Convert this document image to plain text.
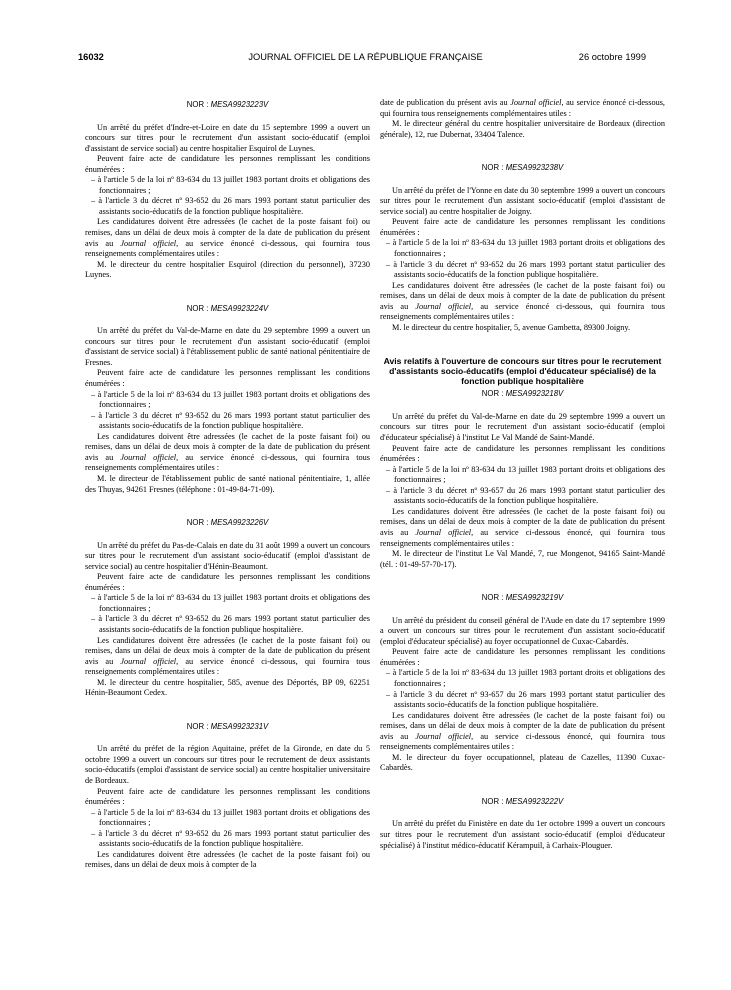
16032	JOURNAL OFFICIEL DE LA RÉPUBLIQUE FRANÇAISE	26 octobre 1999
NOR : MESA9923223V

Un arrêté du préfet d'Indre-et-Loire en date du 15 septembre 1999 a ouvert un concours sur titres pour le recrutement d'un assistant socio-éducatif (emploi d'assistant de service social) au centre hospitalier Esquirol de Luynes.

Peuvent faire acte de candidature les personnes remplissant les conditions énumérées :

– à l'article 5 de la loi nº 83-634 du 13 juillet 1983 portant droits et obligations des fonctionnaires ;

– à l'article 3 du décret nº 93-652 du 26 mars 1993 portant statut particulier des assistants socio-éducatifs de la fonction publique hospitalière.

Les candidatures doivent être adressées (le cachet de la poste faisant foi) ou remises, dans un délai de deux mois à compter de la date de publication du présent avis au Journal officiel, au service énoncé ci-dessous, qui fournira tous renseignements complémentaires utiles :

M. le directeur du centre hospitalier Esquirol (direction du personnel), 37230 Luynes.

NOR : MESA9923224V

Un arrêté du préfet du Val-de-Marne en date du 29 septembre 1999 a ouvert un concours sur titres pour le recrutement d'un assistant socio-éducatif (emploi d'assistant de service social) à l'établissement public de santé national pénitentiaire de Fresnes.

Peuvent faire acte de candidature les personnes remplissant les conditions énumérées :

– à l'article 5 de la loi nº 83-634 du 13 juillet 1983 portant droits et obligations des fonctionnaires ;

– à l'article 3 du décret nº 93-652 du 26 mars 1993 portant statut particulier des assistants socio-éducatifs de la fonction publique hospitalière.

Les candidatures doivent être adressées (le cachet de la poste faisant foi) ou remises, dans un délai de deux mois à compter de la date de publication du présent avis au Journal officiel, au service énoncé ci-dessous, qui fournira tous renseignements complémentaires utiles :

M. le directeur de l'établissement public de santé national pénitentiaire, 1, allée des Thuyas, 94261 Fresnes (téléphone : 01-49-84-71-09).

NOR : MESA9923226V

Un arrêté du préfet du Pas-de-Calais en date du 31 août 1999 a ouvert un concours sur titres pour le recrutement d'un assistant socio-éducatif (emploi d'assistant de service social) au centre hospitalier d'Hénin-Beaumont.

Peuvent faire acte de candidature les personnes remplissant les conditions énumérées :

– à l'article 5 de la loi nº 83-634 du 13 juillet 1983 portant droits et obligations des fonctionnaires ;

– à l'article 3 du décret nº 93-652 du 26 mars 1993 portant statut particulier des assistants socio-éducatifs de la fonction publique hospitalière.

Les candidatures doivent être adressées (le cachet de la poste faisant foi) ou remises, dans un délai de deux mois à compter de la date de publication du présent avis au Journal officiel, au service énoncé ci-dessous, qui fournira tous renseignements complémentaires utiles :

M. le directeur du centre hospitalier, 585, avenue des Déportés, BP 09, 62251 Hénin-Beaumont Cedex.

NOR : MESA9923231V

Un arrêté du préfet de la région Aquitaine, préfet de la Gironde, en date du 5 octobre 1999 a ouvert un concours sur titres pour le recrutement de deux assistants socio-éducatifs (emploi d'assistant de service social) au centre hospitalier universitaire de Bordeaux.

Peuvent faire acte de candidature les personnes remplissant les conditions énumérées :

– à l'article 5 de la loi nº 83-634 du 13 juillet 1983 portant droits et obligations des fonctionnaires ;

– à l'article 3 du décret nº 93-652 du 26 mars 1993 portant statut particulier des assistants socio-éducatifs de la fonction publique hospitalière.

Les candidatures doivent être adressées (le cachet de la poste faisant foi) ou remises, dans un délai de deux mois à compter de la

date de publication du présent avis au Journal officiel, au service énoncé ci-dessous, qui fournira tous renseignements complémentaires utiles :

M. le directeur général du centre hospitalier universitaire de Bordeaux (direction générale), 12, rue Dubernat, 33404 Talence.

NOR : MESA9923238V

Un arrêté du préfet de l'Yonne en date du 30 septembre 1999 a ouvert un concours sur titres pour le recrutement d'un assistant socio-éducatif (emploi d'assistant de service social) au centre hospitalier de Joigny.

Peuvent faire acte de candidature les personnes remplissant les conditions énumérées :

– à l'article 5 de la loi nº 83-634 du 13 juillet 1983 portant droits et obligations des fonctionnaires ;

– à l'article 3 du décret nº 93-652 du 26 mars 1993 portant statut particulier des assistants socio-éducatifs de la fonction publique hospitalière.

Les candidatures doivent être adressées (le cachet de la poste faisant foi) ou remises, dans un délai de deux mois à compter de la date de publication du présent avis au Journal officiel, au service énoncé ci-dessous, qui fournira tous renseignements complémentaires utiles :

M. le directeur du centre hospitalier, 5, avenue Gambetta, 89300 Joigny.

Avis relatifs à l'ouverture de concours sur titres pour le recrutement d'assistants socio-éducatifs (emploi d'éducateur spécialisé) de la fonction publique hospitalière
NOR : MESA9923218V

Un arrêté du préfet du Val-de-Marne en date du 29 septembre 1999 a ouvert un concours sur titres pour le recrutement d'un assistant socio-éducatif (emploi d'éducateur spécialisé) à l'institut Le Val Mandé de Saint-Mandé.

Peuvent faire acte de candidature les personnes remplissant les conditions énumérées :

– à l'article 5 de la loi nº 83-634 du 13 juillet 1983 portant droits et obligations des fonctionnaires ;

– à l'article 3 du décret nº 93-657 du 26 mars 1993 portant statut particulier des assistants socio-éducatifs de la fonction publique hospitalière.

Les candidatures doivent être adressées (le cachet de la poste faisant foi) ou remises, dans un délai de deux mois à compter de la date de publication du présent avis au Journal officiel, au service ci-dessous énoncé, qui fournira tous renseignements complémentaires utiles :

M. le directeur de l'institut Le Val Mandé, 7, rue Mongenot, 94165 Saint-Mandé (tél. : 01-49-57-70-17).

NOR : MESA9923219V

Un arrêté du président du conseil général de l'Aude en date du 17 septembre 1999 a ouvert un concours sur titres pour le recrutement d'un assistant socio-éducatif (emploi d'éducateur spécialisé) au foyer occupationnel de Cuxac-Cabardès.

Peuvent faire acte de candidature les personnes remplissant les conditions énumérées :

– à l'article 5 de la loi nº 83-634 du 13 juillet 1983 portant droits et obligations des fonctionnaires ;

– à l'article 3 du décret nº 93-657 du 26 mars 1993 portant statut particulier des assistants socio-éducatifs de la fonction publique hospitalière.

Les candidatures doivent être adressées (le cachet de la poste faisant foi) ou remises, dans un délai de deux mois à compter de la date de publication du présent avis au Journal officiel, au service ci-dessous énoncé, qui fournira tous renseignements complémentaires utiles :

M. le directeur du foyer occupationnel, plateau de Cazelles, 11390 Cuxac-Cabardès.

NOR : MESA9923222V

Un arrêté du préfet du Finistère en date du 1er octobre 1999 a ouvert un concours sur titres pour le recrutement d'un assistant socio-éducatif (emploi d'éducateur spécialisé) à l'institut médico-éducatif Kérampuil, à Carhaix-Plouguer.
